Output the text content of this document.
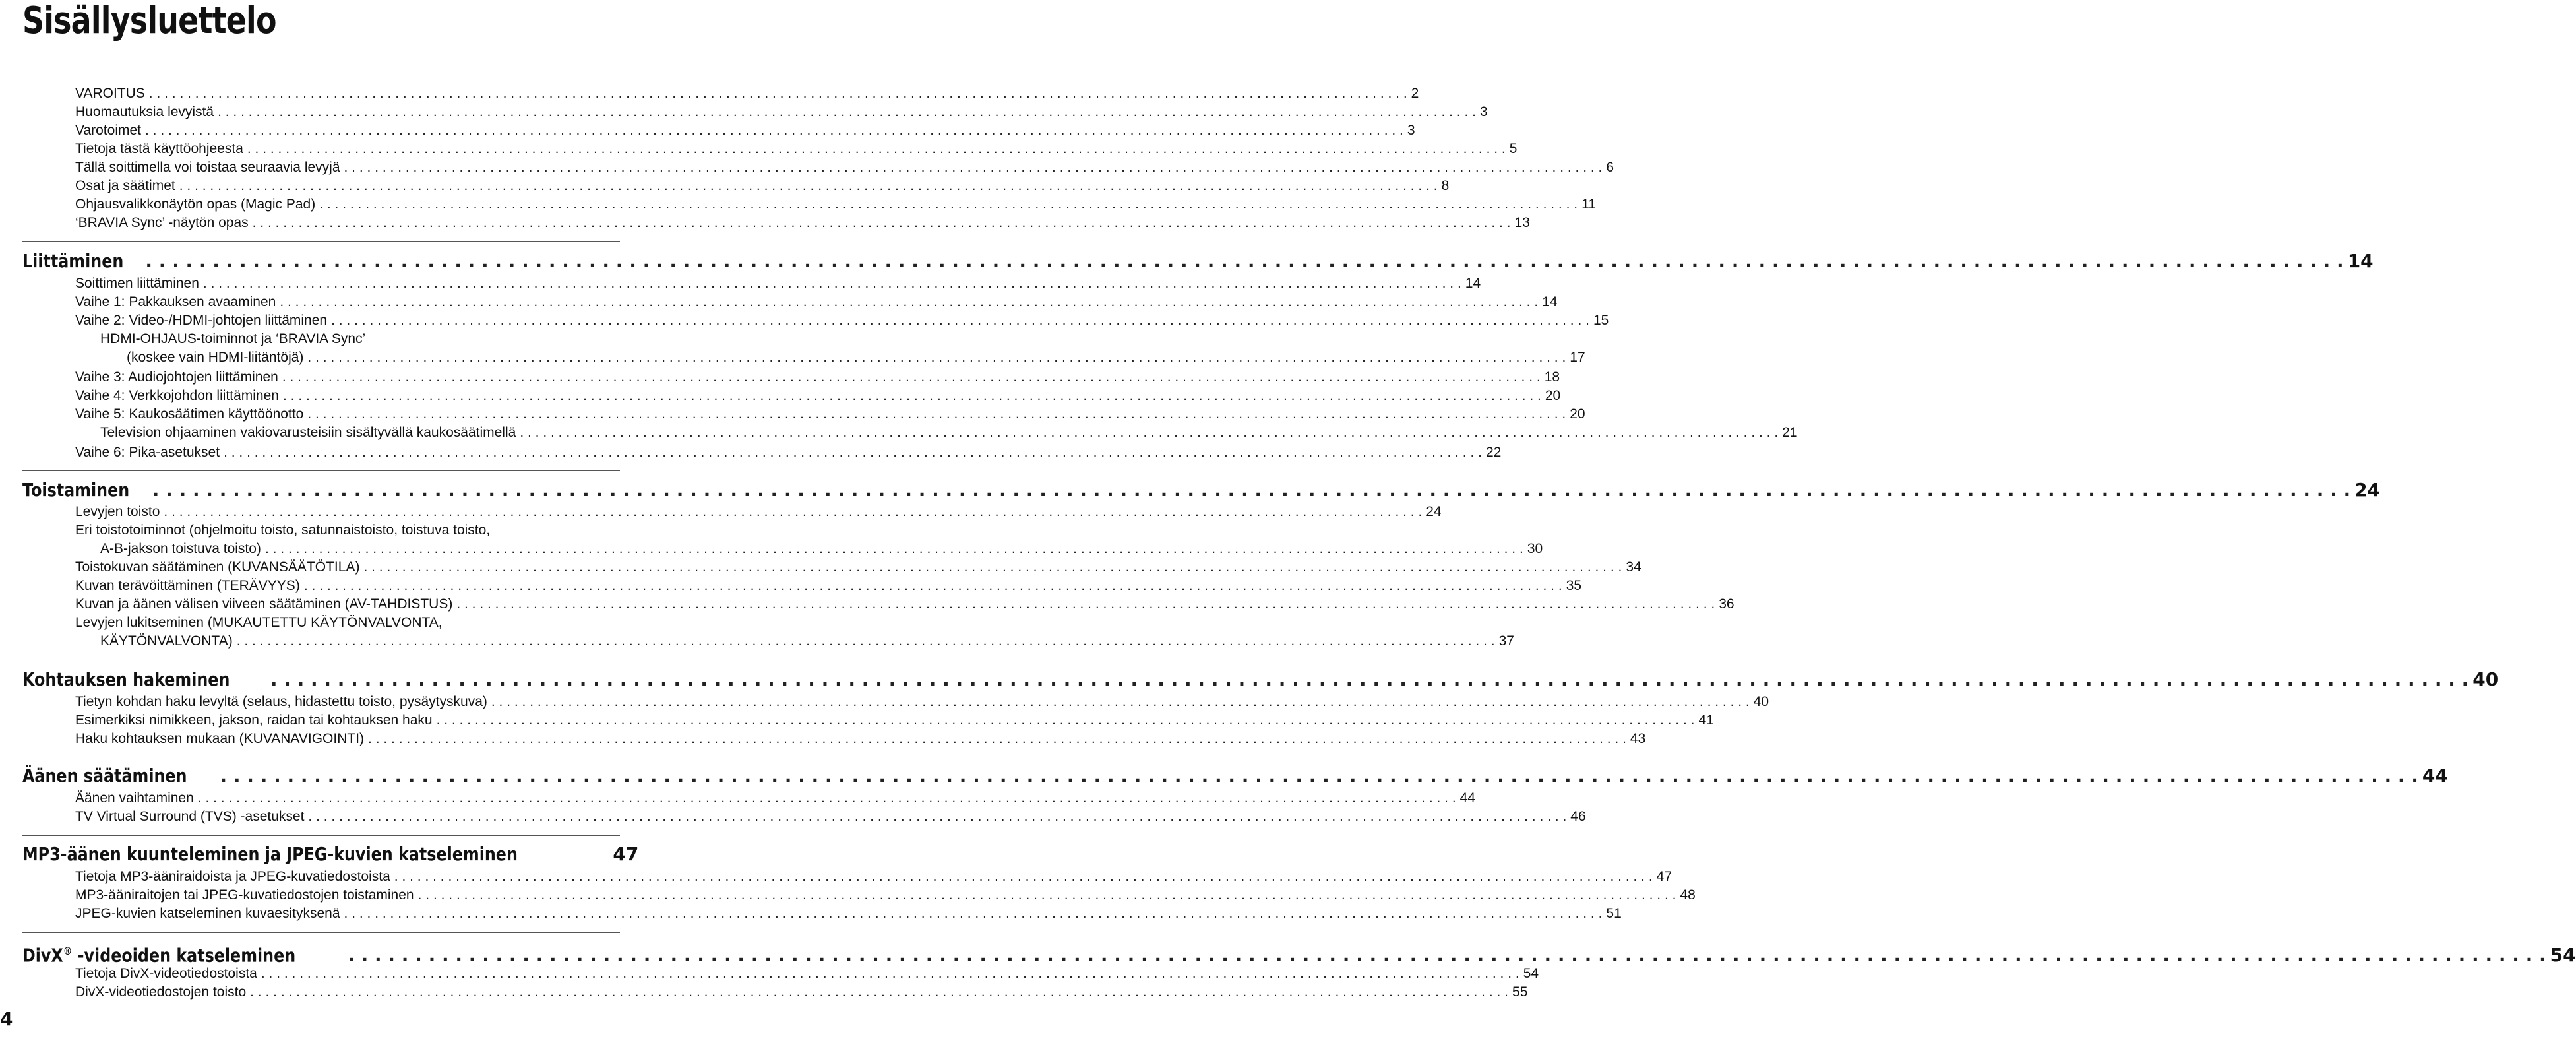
Sisällysluettelo
VAROITUS . . .	2
Huomautuksia levyistä . . .	3
Varotoimet . . .	3
Tietoja tästä käyttöohjeesta . . .	5
Tällä soittimella voi toistaa seuraavia levyjä . . .	6
Osat ja säätimet . . .	8
Ohjausvalikkonäytön opas (Magic Pad) . . .	11
‘BRAVIA Sync’ -näytön opas . . .	13
Liittäminen . . .	14
Soittimen liittäminen . . .	14
Vaihe 1: Pakkauksen avaaminen . . .	14
Vaihe 2: Video-/HDMI-johtojen liittäminen . . .	15
HDMI-OHJAUS-toiminnot ja ‘BRAVIA Sync’
(koskee vain HDMI-liitäntöjä) . . .	17
Vaihe 3: Audiojohtojen liittäminen . . .	18
Vaihe 4: Verkkojohdon liittäminen . . .	20
Vaihe 5: Kaukosäätimen käyttöönotto . . .	20
Television ohjaaminen vakiovarusteisiin sisältyvällä kaukosäätimellä . . .	21
Vaihe 6: Pika-asetukset . . .	22
Toistaminen . . .	24
Levyjen toisto . . .	24
Eri toistotoiminnot (ohjelmoitu toisto, satunnaistoisto, toistuva toisto,
A-B-jakson toistuva toisto) . . .	30
Toistokuvan säätäminen (KUVANSÄÄTÖTILA) . . .	34
Kuvan terävöittäminen (TERÄVYYS) . . .	35
Kuvan ja äänen välisen viiveen säätäminen (AV-TAHDISTUS) . . .	36
Levyjen lukitseminen (MUKAUTETTU KÄYTÖNVALVONTA,
KÄYTÖNVALVONTA) . . .	37
Kohtauksen hakeminen . . .	40
Tietyn kohdan haku levyltä (selaus, hidastettu toisto, pysäytyskuva) . . .	40
Esimerkiksi nimikkeen, jakson, raidan tai kohtauksen haku . . .	41
Haku kohtauksen mukaan (KUVANAVIGOINTI) . . .	43
Äänen säätäminen . . .	44
Äänen vaihtaminen . . .	44
TV Virtual Surround (TVS) -asetukset . . .	46
MP3-äänen kuunteleminen ja JPEG-kuvien katseleminen	47
Tietoja MP3-ääniraidoista ja JPEG-kuvatiedostoista . . .	47
MP3-ääniraitojen tai JPEG-kuvatiedostojen toistaminen . . .	48
JPEG-kuvien katseleminen kuvaesityksenä . . .	51
DivX® -videoiden katseleminen . . .	54
Tietoja DivX-videotiedostoista . . .	54
DivX-videotiedostojen toisto . . .	55
4
